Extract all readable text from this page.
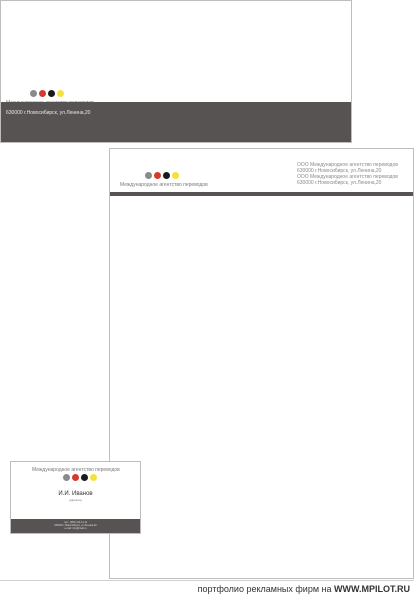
630000 г.Новосибирск, ул.Ленина,20
Международное агентство переводов
ООО Международное агентство переводов
630000 г.Новосибирск, ул.Ленина,20
ООО Международное агентство переводов
630000 г.Новосибирск, ул.Ленина,20
Международное агентство переводов
И.И. Иванов
директор
тел.: (383) 211-11-11
630000 г.Новосибирск, ул.Ленина,20
e-mail: info@mail.ru
портфолио рекламных фирм на WWW.MPILOT.RU
